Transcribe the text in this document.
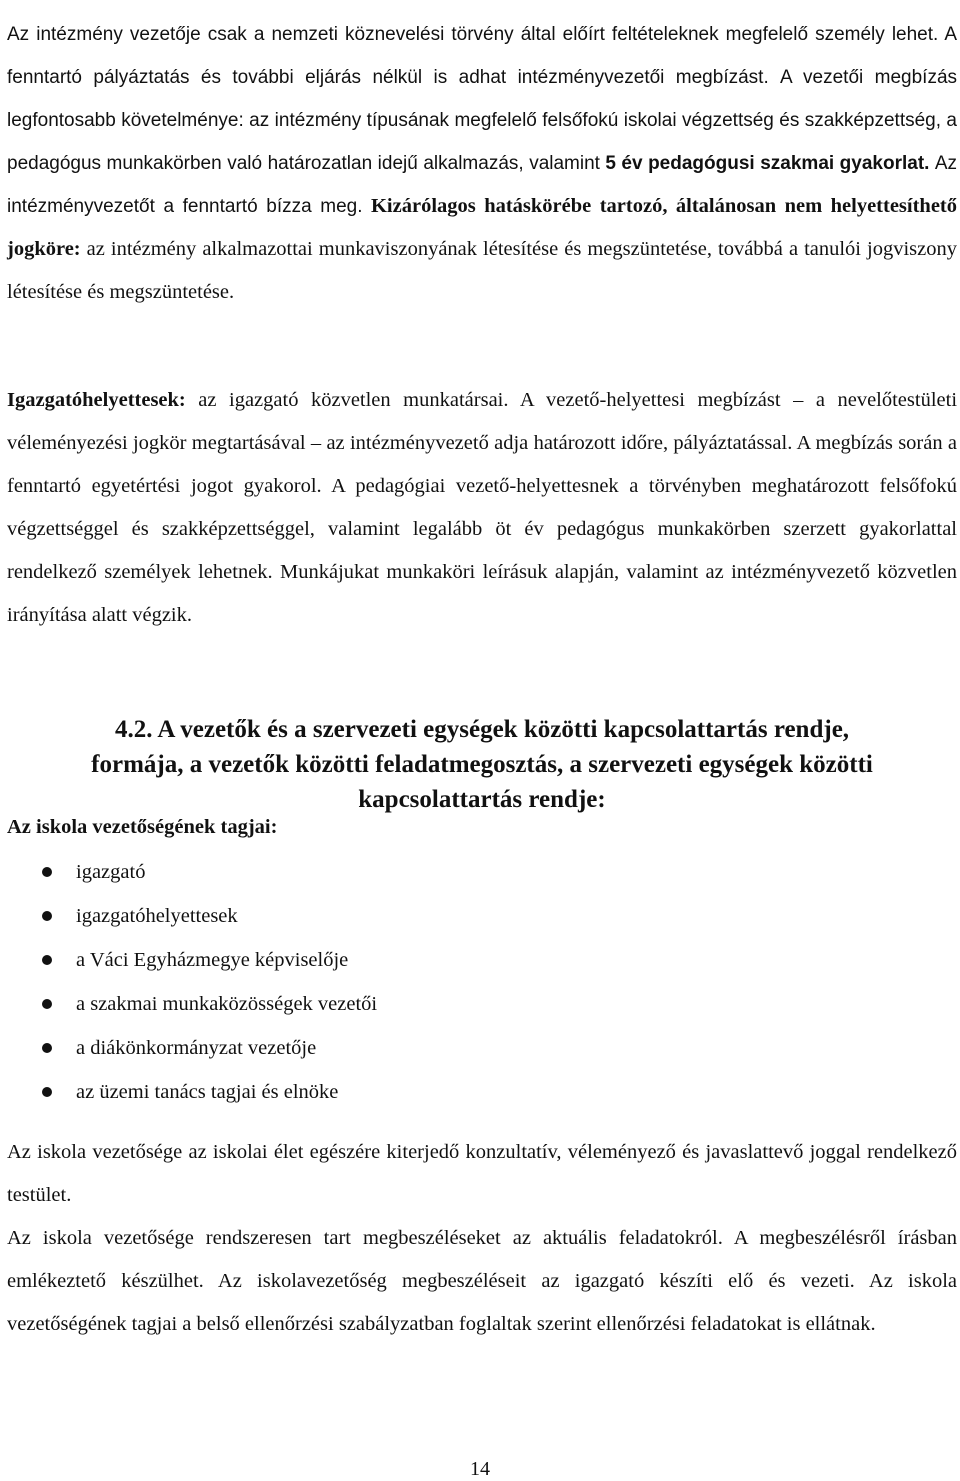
Az intézmény vezetője csak a nemzeti köznevelési törvény által előírt feltételeknek megfelelő személy lehet. A fenntartó pályáztatás és további eljárás nélkül is adhat intézményvezetői megbízást. A vezetői megbízás legfontosabb követelménye: az intézmény típusának megfelelő felsőfokú iskolai végzettség és szakképzettség, a pedagógus munkakörben való határozatlan idejű alkalmazás, valamint 5 év pedagógusi szakmai gyakorlat. Az intézményvezetőt a fenntartó bízza meg. Kizárólagos hatáskörébe tartozó, általánosan nem helyettesíthető jogköre: az intézmény alkalmazottai munkaviszonyának létesítése és megszüntetése, továbbá a tanulói jogviszony létesítése és megszüntetése.

Igazgatóhelyettesek: az igazgató közvetlen munkatársai. A vezető-helyettesi megbízást – a nevelőtestületi véleményezési jogkör megtartásával – az intézményvezető adja határozott időre, pályáztatással. A megbízás során a fenntartó egyetértési jogot gyakorol. A pedagógiai vezető-helyettesnek a törvényben meghatározott felsőfokú végzettséggel és szakképzettséggel, valamint legalább öt év pedagógus munkakörben szerzett gyakorlattal rendelkező személyek lehetnek. Munkájukat munkaköri leírásuk alapján, valamint az intézményvezető közvetlen irányítása alatt végzik.

4.2. A vezetők és a szervezeti egységek közötti kapcsolattartás rendje,
formája, a vezetők közötti feladatmegosztás, a szervezeti egységek közötti
kapcsolattartás rendje:
Az iskola vezetőségének tagjai:
igazgató
igazgatóhelyettesek
a Váci Egyházmegye képviselője
a szakmai munkaközösségek vezetői
a diákönkormányzat vezetője
az üzemi tanács tagjai és elnöke

Az iskola vezetősége az iskolai élet egészére kiterjedő konzultatív, véleményező és javaslattevő joggal rendelkező testület.

Az iskola vezetősége rendszeresen tart megbeszéléseket az aktuális feladatokról. A megbeszélésről írásban emlékeztető készülhet. Az iskolavezetőség megbeszéléseit az igazgató készíti elő és vezeti. Az iskola vezetőségének tagjai a belső ellenőrzési szabályzatban foglaltak szerint ellenőrzési feladatokat is ellátnak.

14
